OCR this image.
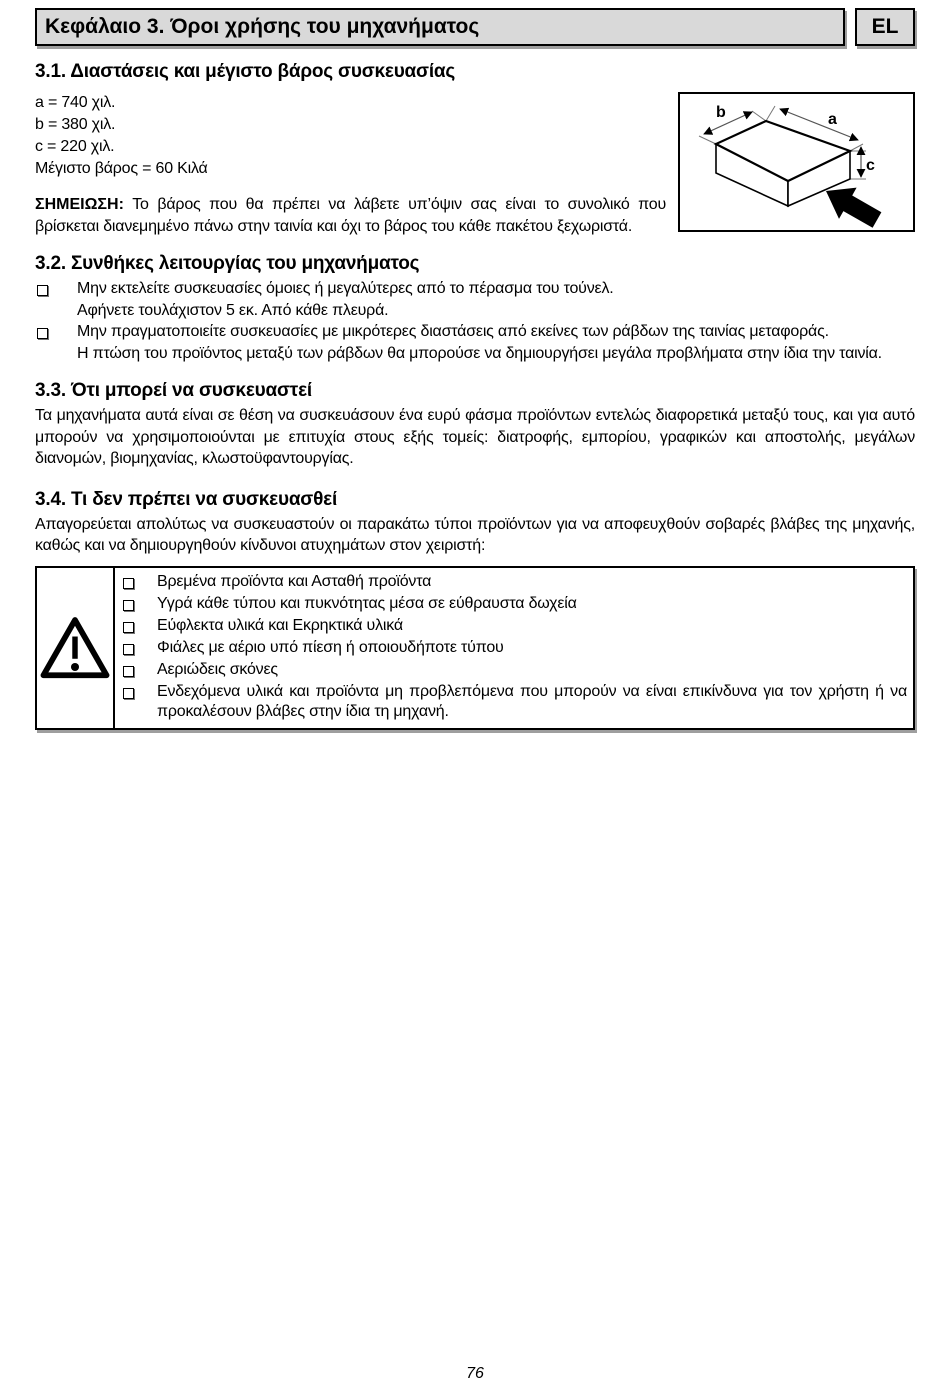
Κεφάλαιο 3. Όροι χρήσης του μηχανήματος	EL
3.1. Διαστάσεις και μέγιστο βάρος συσκευασίας
a = 740 χιλ.
b = 380 χιλ.
c = 220 χιλ.
Μέγιστο βάρος = 60 Κιλά
ΣΗΜΕΙΩΣΗ: Το βάρος που θα πρέπει να λάβετε υπ’όψιν σας είναι το συνολικό που βρίσκεται διανεμημένο πάνω στην ταινία και όχι το βάρος του κάθε πακέτου ξεχωριστά.
b	a
c
3.2. Συνθήκες λειτουργίας του μηχανήματος
Μην εκτελείτε συσκευασίες όμοιες ή μεγαλύτερες από το πέρασμα του τούνελ.
Αφήνετε τουλάχιστον 5 εκ. Από κάθε πλευρά.
Μην πραγματοποιείτε συσκευασίες με μικρότερες διαστάσεις από εκείνες των ράβδων της ταινίας μεταφοράς.
Η πτώση του προϊόντος μεταξύ των ράβδων θα μπορούσε να δημιουργήσει μεγάλα προβλήματα στην ίδια την ταινία.
3.3. Ότι μπορεί να συσκευαστεί
Τα μηχανήματα αυτά είναι σε θέση να συσκευάσουν ένα ευρύ φάσμα προϊόντων εντελώς διαφορετικά μεταξύ τους, και για αυτό μπορούν να χρησιμοποιούνται με επιτυχία στους εξής τομείς: διατροφής, εμπορίου, γραφικών και αποστολής, μεγάλων διανομών, βιομηχανίας, κλωστοϋφαντουργίας.
3.4. Τι δεν πρέπει να συσκευασθεί
Απαγορεύεται απολύτως να συσκευαστούν οι παρακάτω τύποι προϊόντων για να αποφευχθούν σοβαρές βλάβες της μηχανής, καθώς και να δημιουργηθούν κίνδυνοι ατυχημάτων στον χειριστή:
Βρεμένα προϊόντα και Ασταθή προϊόντα
Υγρά κάθε τύπου και πυκνότητας μέσα σε εύθραυστα δωχεία
Εύφλεκτα υλικά και Εκρηκτικά υλικά
Φιάλες με αέριο υπό πίεση ή οποιουδήποτε τύπου
Αεριώδεις σκόνες
Ενδεχόμενα υλικά και προϊόντα μη προβλεπόμενα που μπορούν να είναι επικίνδυνα για τον χρήστη ή να προκαλέσουν βλάβες στην ίδια τη μηχανή.
76
